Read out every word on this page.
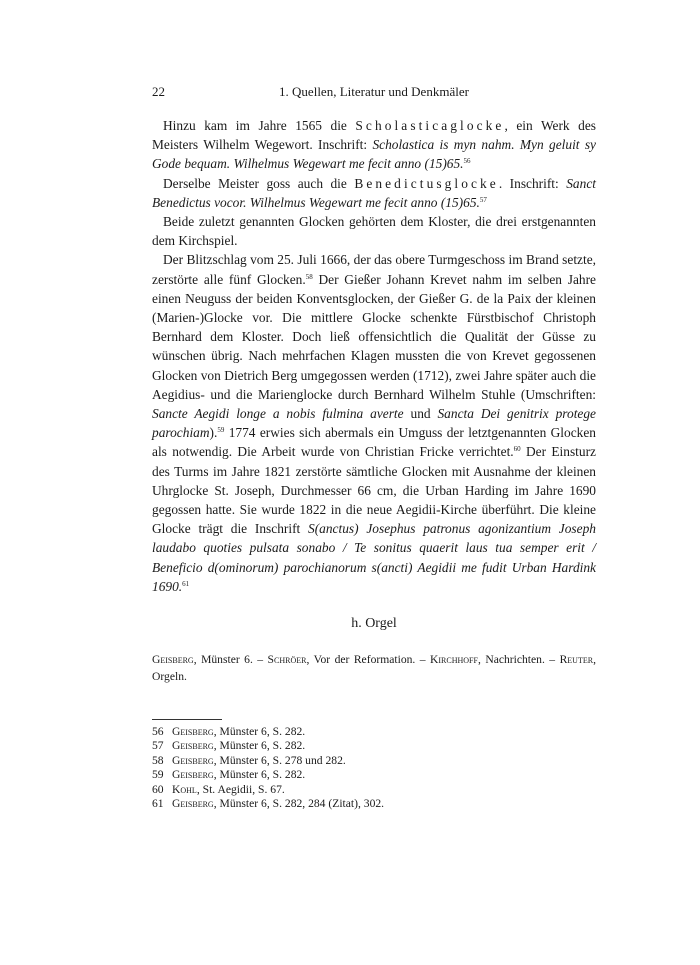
22	1. Quellen, Literatur und Denkmäler

Hinzu kam im Jahre 1565 die Scholasticaglocke, ein Werk des Meisters Wilhelm Wegewort. Inschrift: Scholastica is myn nahm. Myn geluit sy Gode bequam. Wilhelmus Wegewart me fecit anno (15)65.56

Derselbe Meister goss auch die Benedictusglocke. Inschrift: Sanct Benedictus vocor. Wilhelmus Wegewart me fecit anno (15)65.57

Beide zuletzt genannten Glocken gehörten dem Kloster, die drei erstgenannten dem Kirchspiel.

Der Blitzschlag vom 25. Juli 1666, der das obere Turmgeschoss im Brand setzte, zerstörte alle fünf Glocken.$^{58}$ Der Gießer Johann Krevet nahm im selben Jahre einen Neuguss der beiden Konventsglocken, der Gießer G. de la Paix der kleinen (Marien-)Glocke vor. Die mittlere Glocke schenkte Fürstbischof Christoph Bernhard dem Kloster. Doch ließ offensichtlich die Qualität der Güsse zu wünschen übrig. Nach mehrfachen Klagen mussten die von Krevet gegossenen Glocken von Dietrich Berg umgegossen werden (1712), zwei Jahre später auch die Aegidius- und die Marienglocke durch Bernhard Wilhelm Stuhle (Umschriften: Sancte Aegidi longe a nobis fulmina averte und Sancta Dei genitrix protege parochiam).$^{59}$ 1774 erwies sich abermals ein Umguss der letztgenannten Glocken als notwendig. Die Arbeit wurde von Christian Fricke verrichtet.$^{60}$ Der Einsturz des Turms im Jahre 1821 zerstörte sämtliche Glocken mit Ausnahme der kleinen Uhrglocke St. Joseph, Durchmesser 66 cm, die Urban Harding im Jahre 1690 gegossen hatte. Sie wurde 1822 in die neue Aegidii-Kirche überführt. Die kleine Glocke trägt die Inschrift S(anctus) Josephus patronus agonizantium Joseph laudabo quoties pulsata sonabo / Te sonitus quaerit laus tua semper erit / Beneficio d(ominorum) parochianorum s(ancti) Aegidii me fudit Urban Hardink 1690.61

h. Orgel
Geisberg, Münster 6. – Schröer, Vor der Reformation. – Kirchhoff, Nachrichten. – Reuter, Orgeln.
56 Geisberg, Münster 6, S. 282.
57 Geisberg, Münster 6, S. 282.
58 Geisberg, Münster 6, S. 278 und 282.
59 Geisberg, Münster 6, S. 282.
60 Kohl, St. Aegidii, S. 67.
61 Geisberg, Münster 6, S. 282, 284 (Zitat), 302.
